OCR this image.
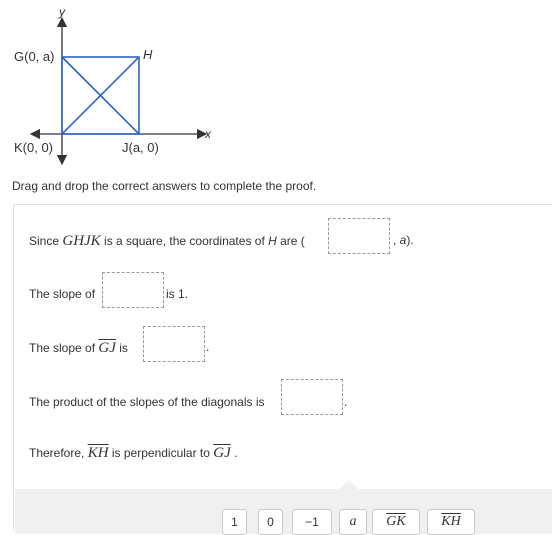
y
x
G(0, a)	H
K(0, 0)	J(a, 0)
Drag and drop the correct answers to complete the proof.
Since GHJK is a square, the coordinates of H are (	, a).
The slope of	is 1.
The slope of $\overline{GJ}$ is	.
The product of the slopes of the diagonals is	.
Therefore, $\overline{KH}$ is perpendicular to $\overline{GJ}$ .
1	0	−1	a	$\overline{GK}$	$\overline{KH}$
